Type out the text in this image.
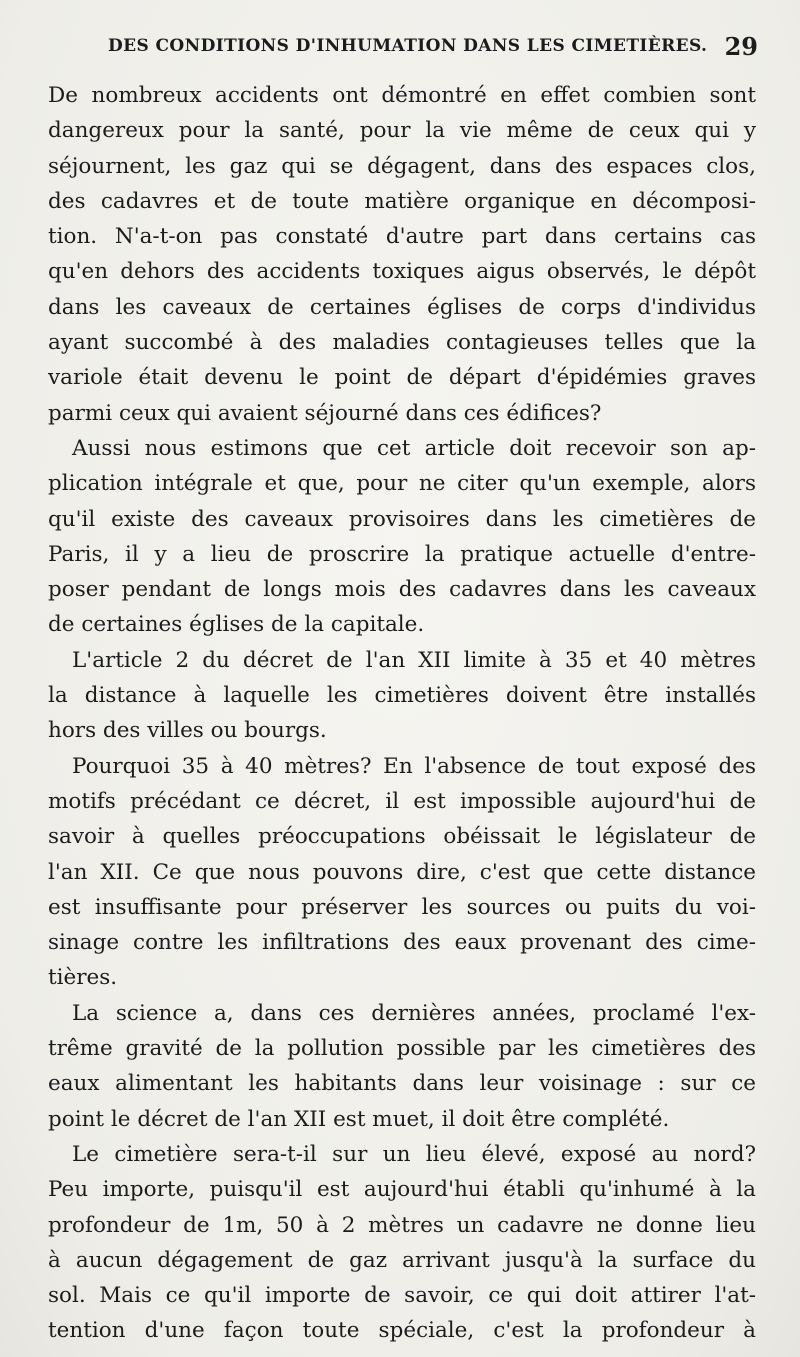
DES CONDITIONS D'INHUMATION DANS LES CIMETIÈRES. 29
De nombreux accidents ont démontré en effet combien sont
dangereux pour la santé, pour la vie même de ceux qui y
séjournent, les gaz qui se dégagent, dans des espaces clos,
des cadavres et de toute matière organique en décomposi-
tion. N'a-t-on pas constaté d'autre part dans certains cas
qu'en dehors des accidents toxiques aigus observés, le dépôt
dans les caveaux de certaines églises de corps d'individus
ayant succombé à des maladies contagieuses telles que la
variole était devenu le point de départ d'épidémies graves
parmi ceux qui avaient séjourné dans ces édifices?
Aussi nous estimons que cet article doit recevoir son ap-
plication intégrale et que, pour ne citer qu'un exemple, alors
qu'il existe des caveaux provisoires dans les cimetières de
Paris, il y a lieu de proscrire la pratique actuelle d'entre-
poser pendant de longs mois des cadavres dans les caveaux
de certaines églises de la capitale.
L'article 2 du décret de l'an XII limite à 35 et 40 mètres
la distance à laquelle les cimetières doivent être installés
hors des villes ou bourgs.
Pourquoi 35 à 40 mètres? En l'absence de tout exposé des
motifs précédant ce décret, il est impossible aujourd'hui de
savoir à quelles préoccupations obéissait le législateur de
l'an XII. Ce que nous pouvons dire, c'est que cette distance
est insuffisante pour préserver les sources ou puits du voi-
sinage contre les infiltrations des eaux provenant des cime-
tières.
La science a, dans ces dernières années, proclamé l'ex-
trême gravité de la pollution possible par les cimetières des
eaux alimentant les habitants dans leur voisinage : sur ce
point le décret de l'an XII est muet, il doit être complété.
Le cimetière sera-t-il sur un lieu élevé, exposé au nord?
Peu importe, puisqu'il est aujourd'hui établi qu'inhumé à la
profondeur de 1m, 50 à 2 mètres un cadavre ne donne lieu
à aucun dégagement de gaz arrivant jusqu'à la surface du
sol. Mais ce qu'il importe de savoir, ce qui doit attirer l'at-
tention d'une façon toute spéciale, c'est la profondeur à
